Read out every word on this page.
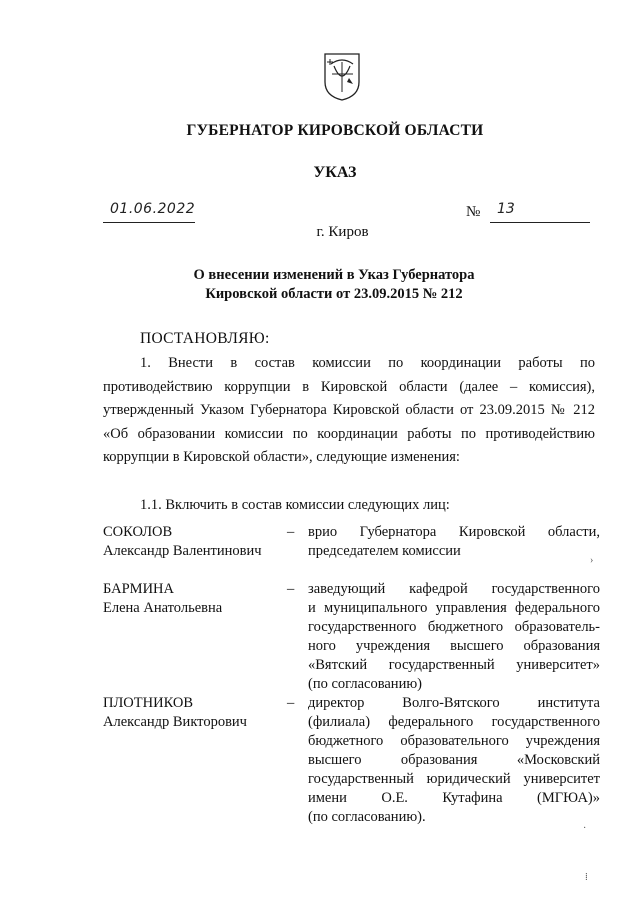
ГУБЕРНАТОР КИРОВСКОЙ ОБЛАСТИ
УКАЗ
01.06.2022	№ 13
г. Киров
О внесении изменений в Указ Губернатора
Кировской области от 23.09.2015 № 212
ПОСТАНОВЛЯЮ:
1. Внести в состав комиссии по координации работы по противодействию коррупции в Кировской области (далее – комиссия), утвержденный Указом Губернатора Кировской области от 23.09.2015 № 212 «Об образовании комиссии по координации работы по противодействию коррупции в Кировской области», следующие изменения:
1.1. Включить в состав комиссии следующих лиц:
СОКОЛОВ
Александр Валентинович
– врио Губернатора Кировской области,
председателем комиссии
БАРМИНА
Елена Анатольевна
– заведующий кафедрой государственного
и муниципального управления федерального
государственного бюджетного образователь-
ного учреждения высшего образования
«Вятский государственный университет»
(по согласованию)
ПЛОТНИКОВ
Александр Викторович
– директор Волго-Вятского института
(филиала) федерального государственного
бюджетного образовательного учреждения
высшего образования «Московский
государственный юридический университет
имени О.Е. Кутафина (МГЮА)»
(по согласованию).
›
·
⁞
